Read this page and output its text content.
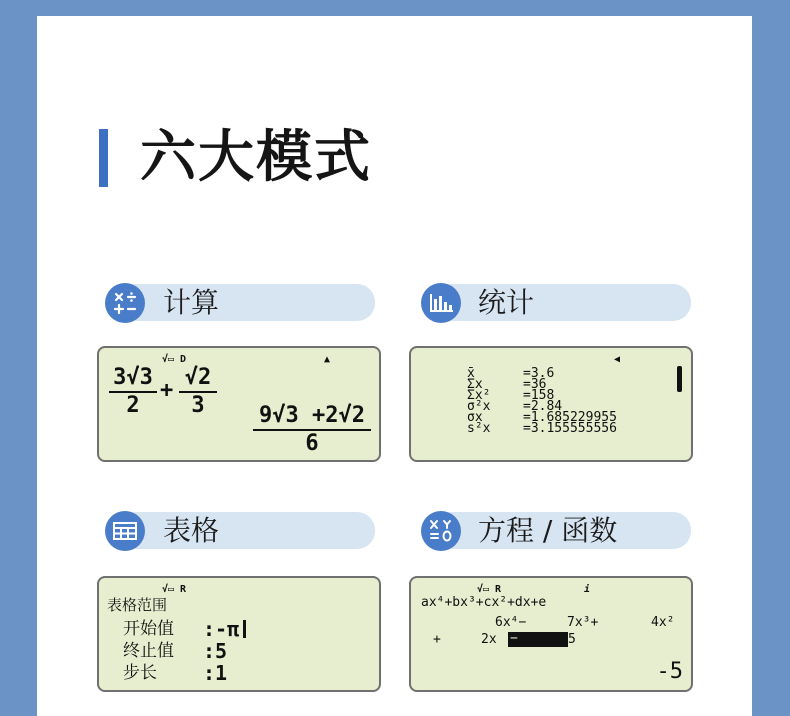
六大模式
计算	统计
表格	方程 / 函数
√▭ D	▲
3√3
2
+
√2
3	9√3 +2√2
6
◀
x̄	=3.6
Σx	=36
Σx²	=158
σ²x	=2.84
σx	=1.685229955
s²x	=3.155555556
√▭ R
表格范围
开始值 :-π
终止值 :5
步长 :1
√▭ R	i
ax⁴+bx³+cx²+dx+e
6x⁴−	7x³+	4x²
+	2x −	5
-5
